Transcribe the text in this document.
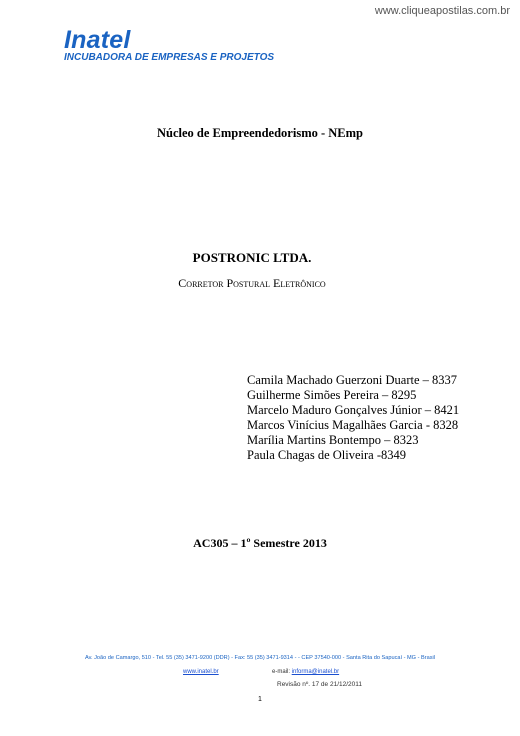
www.cliqueapostilas.com.br
Inatel
INCUBADORA DE EMPRESAS E PROJETOS
Núcleo de Empreendedorismo - NEmp
POSTRONIC LTDA.
Corretor Postural Eletrônico
Camila Machado Guerzoni Duarte – 8337
Guilherme Simões Pereira – 8295
Marcelo Maduro Gonçalves Júnior – 8421
Marcos Vinícius Magalhães Garcia - 8328
Marília Martins Bontempo – 8323
Paula Chagas de Oliveira -8349
AC305 – 1º Semestre 2013
Av. João de Camargo, 510 - Tel. 55 (35) 3471-9200 (DDR) - Fax: 55 (35) 3471-9314 - - CEP 37540-000 - Santa Rita do Sapucaí - MG - Brasil
www.inatel.br	e-mail: informa@inatel.br
Revisão nº. 17 de 21/12/2011
1
